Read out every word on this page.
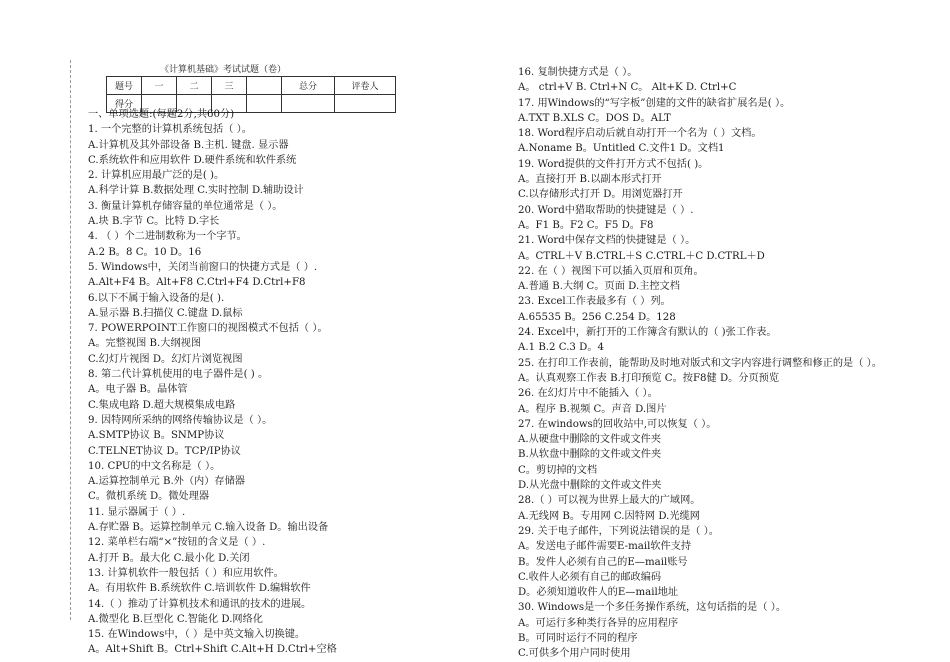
《计算机基础》考试试题（卷）
题号	一	二	三		总分	评卷人
得分						
一、单项选题:(每题2分,共60分)
1. 一个完整的计算机系统包括（ ）。
A.计算机及其外部设备 B.主机. 键盘. 显示器
C.系统软件和应用软件 D.硬件系统和软件系统
2. 计算机应用最广泛的是( )。
A.科学计算 B.数据处理 C.实时控制 D.辅助设计
3. 衡量计算机存储容量的单位通常是（ ）。
A.块 B.字节 C。比特 D.字长
4. （ ）个二进制数称为一个字节。
A.2 B。8 C。10 D。16
5. Windows中，关闭当前窗口的快捷方式是（ ）.
A.Alt+F4 B。Alt+F8 C.Ctrl+F4 D.Ctrl+F8
6.以下不属于输入设备的是( ).
A.显示器 B.扫描仪 C.键盘 D.鼠标
7. POWERPOINT工作窗口的视图模式不包括（ ）。
A。完整视图 B.大纲视图
C.幻灯片视图 D。幻灯片浏览视图
8. 第二代计算机使用的电子器件是( ) 。
A。电子器 B。晶体管
C.集成电路 D.超大规模集成电路
9. 因特网所采纳的网络传输协议是（ ）。
A.SMTP协议 B。SNMP协议
C.TELNET协议 D。TCP/IP协议
10. CPU的中文名称是（ ）。
A.运算控制单元 B.外（内）存储器
C。微机系统 D。微处理器
11. 显示器属于（ ）.
A.存贮器 B。运算控制单元 C.输入设备 D。输出设备
12. 菜单栏右端“×”按钮的含义是（ ）.
A.打开 B。最大化 C.最小化 D.关闭
13. 计算机软件一般包括（ ）和应用软件。
A。有用软件 B.系统软件 C.培训软件 D.编辑软件
14.（ ）推动了计算机技术和通讯的技术的进展。
A.微型化 B.巨型化 C.智能化 D.网络化
15. 在Windows中，（ ）是中英文输入切换键。
A。Alt+Shift B。Ctrl+Shift C.Alt+H D.Ctrl+空格
16. 复制快捷方式是（ ）。
A。 ctrl+V B. Ctrl+N C。 Alt+K D. Ctrl+C
17. 用Windows的“写字板”创建的文件的缺省扩展名是( ）。
A.TXT B.XLS C。DOS D。ALT
18. Word程序启动后就自动打开一个名为（ ）文档。
A.Noname B。Untitled C.文件1 D。文档1
19. Word提供的文件打开方式不包括( )。
A。直接打开 B.以副本形式打开
C.以存储形式打开 D。用浏览器打开
20. Word中猎取帮助的快捷键是（ ）.
A。F1 B。F2 C。F5 D。F8
21. Word中保存文档的快捷键是（ ）。
A。CTRL＋V B.CTRL＋S C.CTRL＋C D.CTRL＋D
22. 在（ ）视图下可以插入页眉和页角。
A.普通 B.大纲 C。页面 D.主控文档
23. Excel工作表最多有（ ）列。
A.65535 B。256 C.254 D。128
24. Excel中，新打开的工作簿含有默认的（ )张工作表。
A.1 B.2 C.3 D。4
25. 在打印工作表前，能帮助及时地对版式和文字内容进行调整和修正的是（ ）。
A。认真观察工作表 B.打印预览 C。按F8健 D。分页预览
26. 在幻灯片中不能插入（ ）。
A。程序 B.视频 C。声音 D.图片
27. 在windows的回收站中,可以恢复（ ）。
A.从硬盘中删除的文件或文件夹
B.从软盘中删除的文件或文件夹
C。剪切掉的文档
D.从光盘中删除的文件或文件夹
28.（ ）可以视为世界上最大的广域网。
A.无线网 B。专用网 C.因特网 D.光缆网
29. 关于电子邮件，下列说法错误的是（ ）。
A。发送电子邮件需要E-mail软件支持
B。发件人必须有自己的E—mail账号
C.收件人必须有自己的邮政编码
D。必须知道收件人的E—mail地址
30. Windows是一个多任务操作系统，这句话指的是（ ）。
A。可运行多种类行各异的应用程序
B。可同时运行不同的程序
C.可供多个用户同时使用
